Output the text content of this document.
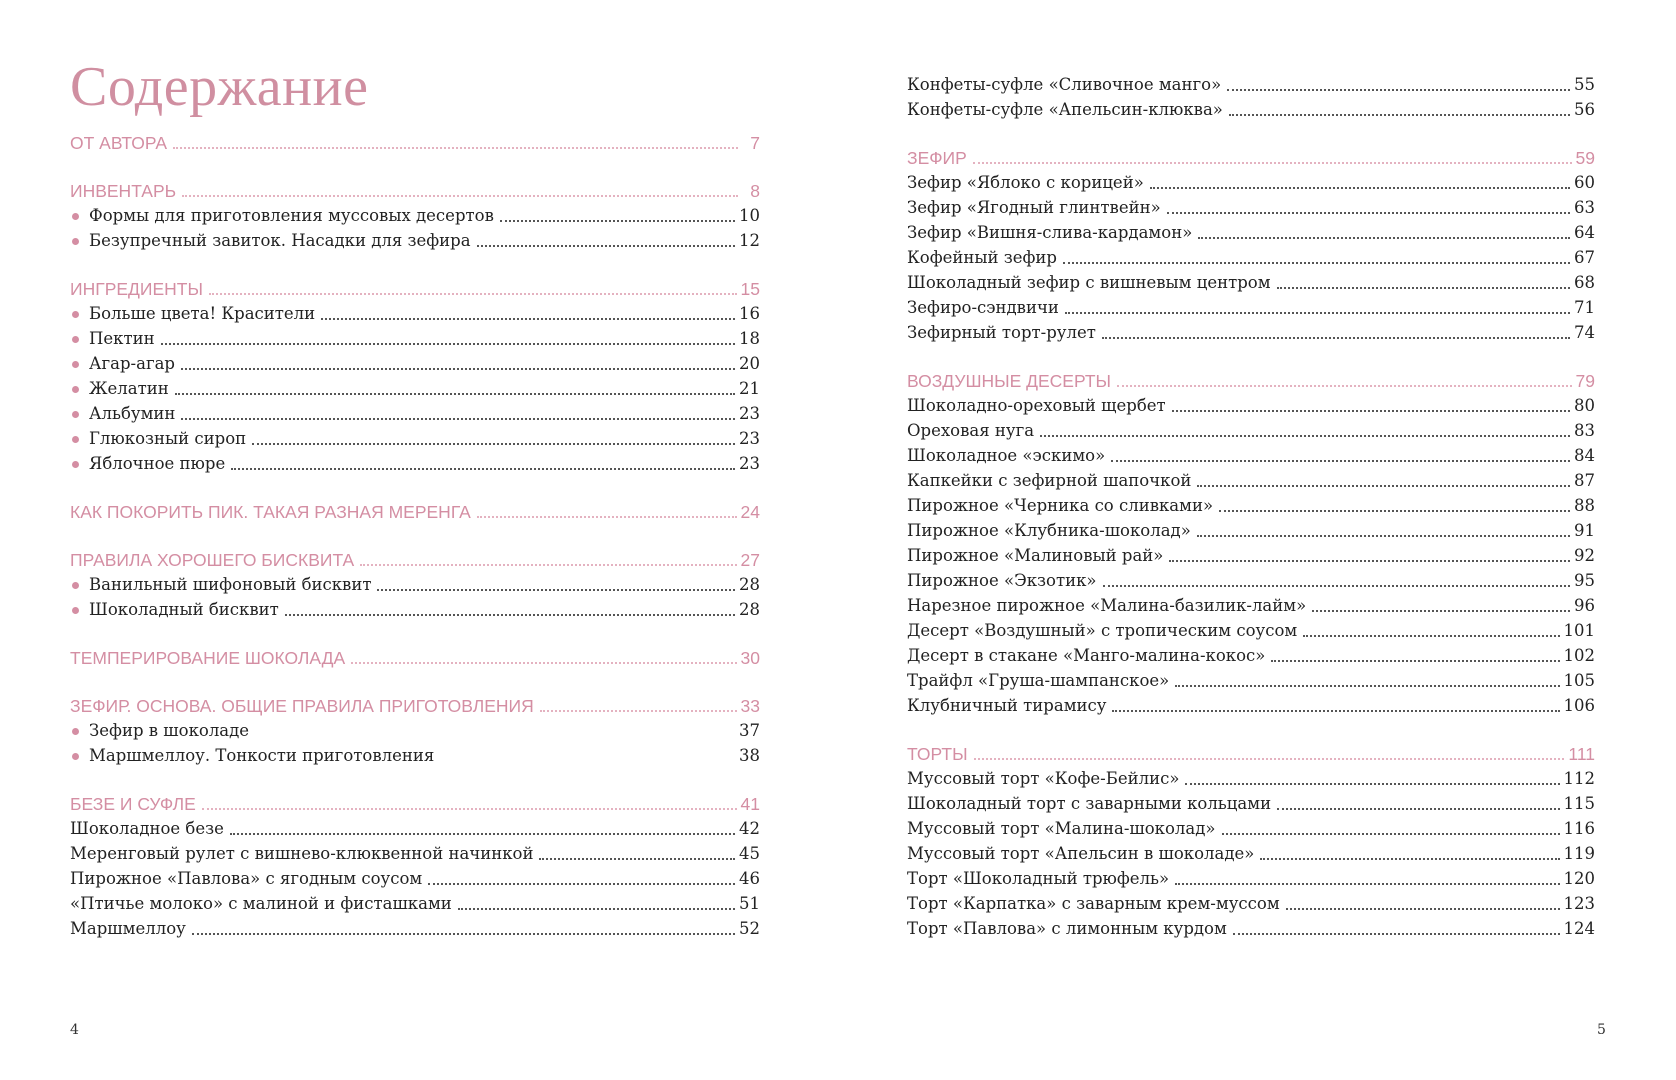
Содержание
ОТ АВТОРА	7
ИНВЕНТАРЬ	8
Формы для приготовления муссовых десертов	10
Безупречный завиток. Насадки для зефира	12
ИНГРЕДИЕНТЫ	15
Больше цвета! Красители	16
Пектин	18
Агар-агар	20
Желатин	21
Альбумин	23
Глюкозный сироп	23
Яблочное пюре	23
КАК ПОКОРИТЬ ПИК. ТАКАЯ РАЗНАЯ МЕРЕНГА	24
ПРАВИЛА ХОРОШЕГО БИСКВИТА	27
Ванильный шифоновый бисквит	28
Шоколадный бисквит	28
ТЕМПЕРИРОВАНИЕ ШОКОЛАДА	30
ЗЕФИР. ОСНОВА. ОБЩИЕ ПРАВИЛА ПРИГОТОВЛЕНИЯ	33
Зефир в шоколаде	37
Маршмеллоу. Тонкости приготовления	38
БЕЗЕ И СУФЛЕ	41
Шоколадное безе	42
Меренговый рулет с вишнево-клюквенной начинкой	45
Пирожное «Павлова» с ягодным соусом	46
«Птичье молоко» с малиной и фисташками	51
Маршмеллоу	52
Конфеты-суфле «Сливочное манго»	55
Конфеты-суфле «Апельсин-клюква»	56
ЗЕФИР	59
Зефир «Яблоко с корицей»	60
Зефир «Ягодный глинтвейн»	63
Зефир «Вишня-слива-кардамон»	64
Кофейный зефир	67
Шоколадный зефир с вишневым центром	68
Зефиро-сэндвичи	71
Зефирный торт-рулет	74
ВОЗДУШНЫЕ ДЕСЕРТЫ	79
Шоколадно-ореховый щербет	80
Ореховая нуга	83
Шоколадное «эскимо»	84
Капкейки с зефирной шапочкой	87
Пирожное «Черника со сливками»	88
Пирожное «Клубника-шоколад»	91
Пирожное «Малиновый рай»	92
Пирожное «Экзотик»	95
Нарезное пирожное «Малина-базилик-лайм»	96
Десерт «Воздушный» с тропическим соусом	101
Десерт в стакане «Манго-малина-кокос»	102
Трайфл «Груша-шампанское»	105
Клубничный тирамису	106
ТОРТЫ	111
Муссовый торт «Кофе-Бейлис»	112
Шоколадный торт с заварными кольцами	115
Муссовый торт «Малина-шоколад»	116
Муссовый торт «Апельсин в шоколаде»	119
Торт «Шоколадный трюфель»	120
Торт «Карпатка» с заварным крем-муссом	123
Торт «Павлова» с лимонным курдом	124
4	5
